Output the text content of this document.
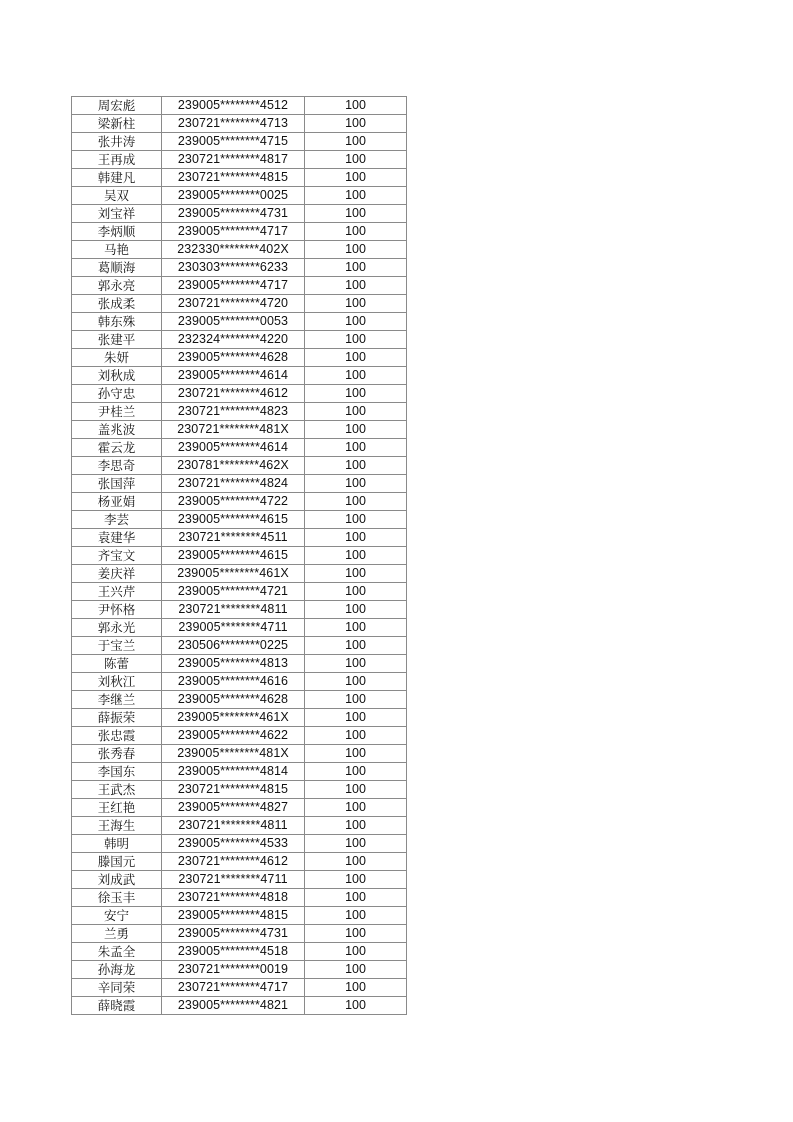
周宏彪	239005********4512	100
梁新柱	230721********4713	100
张井涛	239005********4715	100
王再成	230721********4817	100
韩建凡	230721********4815	100
吴双	239005********0025	100
刘宝祥	239005********4731	100
李炳顺	239005********4717	100
马艳	232330********402X	100
葛顺海	230303********6233	100
郭永亮	239005********4717	100
张成柔	230721********4720	100
韩东殊	239005********0053	100
张建平	232324********4220	100
朱妍	239005********4628	100
刘秋成	239005********4614	100
孙守忠	230721********4612	100
尹桂兰	230721********4823	100
盖兆波	230721********481X	100
霍云龙	239005********4614	100
李思奇	230781********462X	100
张国萍	230721********4824	100
杨亚娟	239005********4722	100
李芸	239005********4615	100
袁建华	230721********4511	100
齐宝文	239005********4615	100
姜庆祥	239005********461X	100
王兴芹	239005********4721	100
尹怀格	230721********4811	100
郭永光	239005********4711	100
于宝兰	230506********0225	100
陈蕾	239005********4813	100
刘秋江	239005********4616	100
李继兰	239005********4628	100
薛振荣	239005********461X	100
张忠霞	239005********4622	100
张秀春	239005********481X	100
李国东	239005********4814	100
王武杰	230721********4815	100
王红艳	239005********4827	100
王海生	230721********4811	100
韩明	239005********4533	100
滕国元	230721********4612	100
刘成武	230721********4711	100
徐玉丰	230721********4818	100
安宁	239005********4815	100
兰勇	239005********4731	100
朱孟全	239005********4518	100
孙海龙	230721********0019	100
辛同荣	230721********4717	100
薛晓霞	239005********4821	100
